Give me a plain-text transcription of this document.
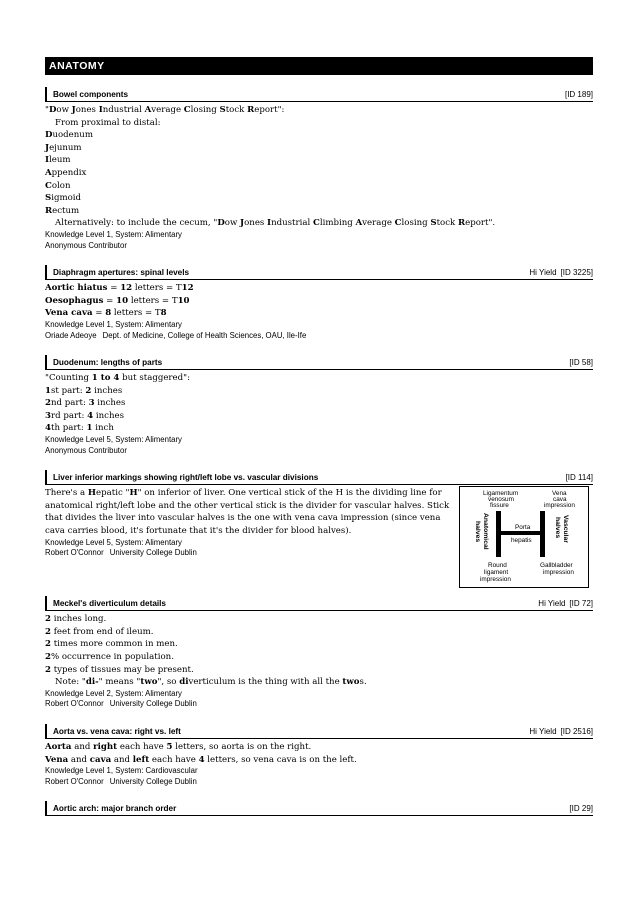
ANATOMY
Bowel components	[ID 189]
"Dow Jones Industrial Average Closing Stock Report":
From proximal to distal:
Duodenum
Jejunum
Ileum
Appendix
Colon
Sigmoid
Rectum
Alternatively: to include the cecum, "Dow Jones Industrial Climbing Average Closing Stock Report".
Knowledge Level 1, System: Alimentary
Anonymous Contributor
Diaphragm apertures: spinal levels	Hi Yield [ID 3225]
Aortic hiatus = 12 letters = T12
Oesophagus = 10 letters = T10
Vena cava = 8 letters = T8
Knowledge Level 1, System: Alimentary
Oriade Adeoye Dept. of Medicine, College of Health Sciences, OAU, Ile-Ife
Duodenum: lengths of parts	[ID 58]
"Counting 1 to 4 but staggered":
1st part: 2 inches
2nd part: 3 inches
3rd part: 4 inches
4th part: 1 inch
Knowledge Level 5, System: Alimentary
Anonymous Contributor
Liver inferior markings showing right/left lobe vs. vascular divisions	[ID 114]
There's a Hepatic "H" on inferior of liver. One vertical stick of the H is the dividing line for anatomical right/left lobe and the other vertical stick is the divider for vascular halves. Stick that divides the liver into vascular halves is the one with vena cava impression (since vena cava carries blood, it's fortunate that it's the divider for blood halves).
Knowledge Level 5, System: Alimentary
Robert O'Connor University College Dublin
Ligamentum
venosum
fissure
Vena
cava
impression
Porta
hepatis
Anatomical
halves	Vascular
halves
Round
ligament
impression
Gallbladder
impression
Meckel's diverticulum details	Hi Yield [ID 72]
2 inches long.
2 feet from end of ileum.
2 times more common in men.
2% occurrence in population.
2 types of tissues may be present.
Note: "di-" means "two", so diverticulum is the thing with all the twos.
Knowledge Level 2, System: Alimentary
Robert O'Connor University College Dublin
Aorta vs. vena cava: right vs. left	Hi Yield [ID 2516]
Aorta and right each have 5 letters, so aorta is on the right.
Vena and cava and left each have 4 letters, so vena cava is on the left.
Knowledge Level 1, System: Cardiovascular
Robert O'Connor University College Dublin
Aortic arch: major branch order	[ID 29]
